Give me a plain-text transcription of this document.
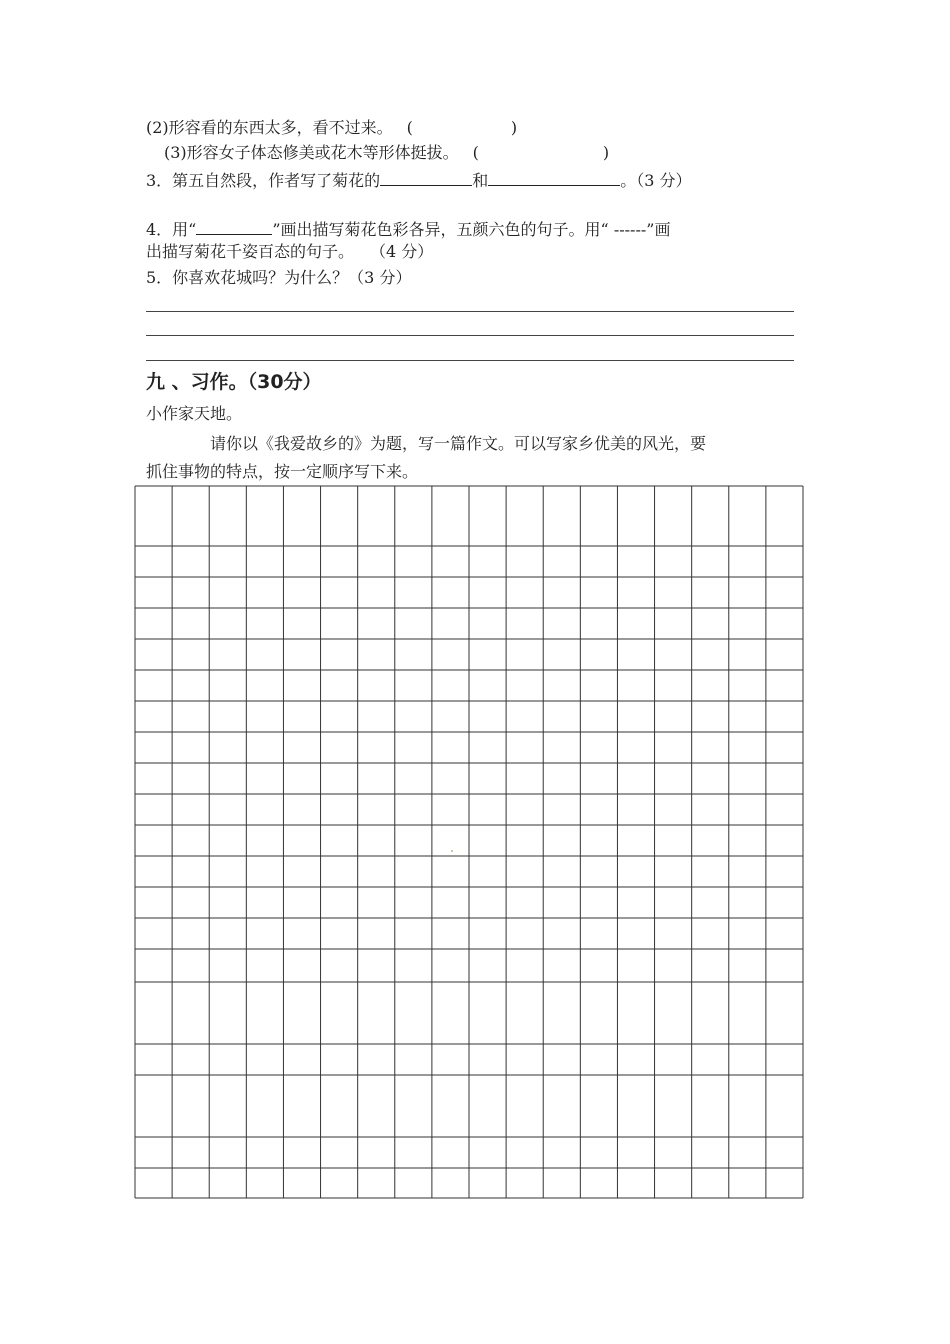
(2)形容看的东西太多，看不过来。 (	)
(3)形容女子体态修美或花木等形体挺拔。 (	)
3．第五自然段，作者写了菊花的	和	。（3 分）
4．用“	”画出描写菊花色彩各异，五颜六色的句子。用“ ------”画
出描写菊花千姿百态的句子。 （4 分）
5．你喜欢花城吗？为什么？（3 分）
九 、习作。（30分）
小作家天地。
请你以《我爱故乡的》为题，写一篇作文。可以写家乡优美的风光，要
抓住事物的特点，按一定顺序写下来。
